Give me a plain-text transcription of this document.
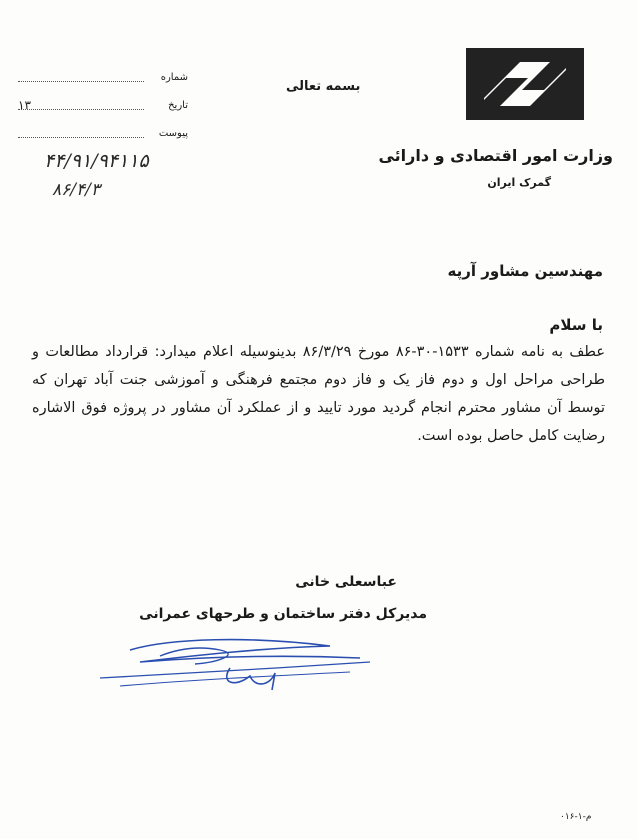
وزارت امور اقتصادی و دارائی
گمرک ایران
بسمه تعالی
شماره
تاریخ
۱۳
پیوست
۴۴/۹۱/۹۴۱۱۵
۸۶/۴/۳
مهندسین مشاور آرپه
با سلام

عطف به نامه شماره ۱۵۳۳-۳۰-۸۶ مورخ ۸۶/۳/۲۹ بدینوسیله اعلام میدارد: قرارداد مطالعات و طراحی مراحل اول و دوم فاز یک و فاز دوم مجتمع فرهنگی و آموزشی جنت آباد تهران که توسط آن مشاور محترم انجام گردید مورد تایید و از عملکرد آن مشاور در پروژه فوق الاشاره رضایت کامل حاصل بوده است.

عباسعلی خانی
مدیرکل دفتر ساختمان و طرحهای عمرانی
م-۱-۰۱۶
